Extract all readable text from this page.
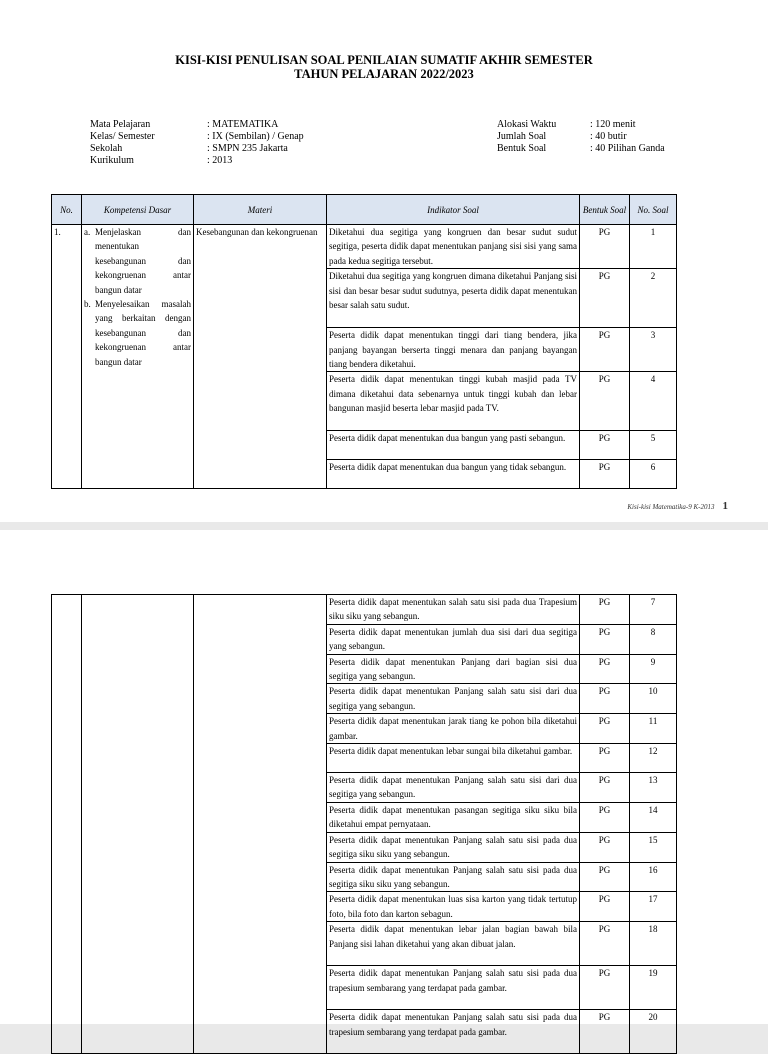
KISI-KISI PENULISAN SOAL PENILAIAN SUMATIF AKHIR SEMESTER
TAHUN PELAJARAN 2022/2023
Mata Pelajaran	: MATEMATIKA
Kelas/ Semester	: IX (Sembilan) / Genap
Sekolah	: SMPN 235 Jakarta
Kurikulum	: 2013
Alokasi Waktu	: 120 menit
Jumlah Soal	: 40 butir
Bentuk Soal	: 40 Pilihan Ganda
No.	Kompetensi Dasar	Materi	Indikator Soal	Bentuk Soal	No. Soal
1.	a. Menjelaskan dan menentukan kesebangunan dan kekongruenan antar bangun datar

b. Menyelesaikan masalah yang berkaitan dengan kesebangunan dan kekongruenan antar bangun datar	Kesebangunan dan kekongruenan	Diketahui dua segitiga yang kongruen dan besar sudut sudut segitiga, peserta didik dapat menentukan panjang sisi sisi yang sama pada kedua segitiga tersebut.	PG	1
			Diketahui dua segitiga yang kongruen dimana diketahui Panjang sisi sisi dan besar besar sudut sudutnya, peserta didik dapat menentukan besar salah satu sudut.	PG	2
			Peserta didik dapat menentukan tinggi dari tiang bendera, jika panjang bayangan berserta tinggi menara dan panjang bayangan tiang bendera diketahui.	PG	3
			Peserta didik dapat menentukan tinggi kubah masjid pada TV dimana diketahui data sebenarnya untuk tinggi kubah dan lebar bangunan masjid beserta lebar masjid pada TV.	PG	4
			Peserta didik dapat menentukan dua bangun yang pasti sebangun.	PG	5
			Peserta didik dapat menentukan dua bangun yang tidak sebangun.	PG	6
Kisi-kisi Matematika-9 K-2013 1
			Peserta didik dapat menentukan salah satu sisi pada dua Trapesium siku siku yang sebangun.	PG	7
			Peserta didik dapat menentukan jumlah dua sisi dari dua segitiga yang sebangun.	PG	8
			Peserta didik dapat menentukan Panjang dari bagian sisi dua segitiga yang sebangun.	PG	9
			Peserta didik dapat menentukan Panjang salah satu sisi dari dua segitiga yang sebangun.	PG	10
			Peserta didik dapat menentukan jarak tiang ke pohon bila diketahui gambar.	PG	11
			Peserta didik dapat menentukan lebar sungai bila diketahui gambar.	PG	12
			Peserta didik dapat menentukan Panjang salah satu sisi dari dua segitiga yang sebangun.	PG	13
			Peserta didik dapat menentukan pasangan segitiga siku siku bila diketahui empat pernyataan.	PG	14
			Peserta didik dapat menentukan Panjang salah satu sisi pada dua segitiga siku siku yang sebangun.	PG	15
			Peserta didik dapat menentukan Panjang salah satu sisi pada dua segitiga siku siku yang sebangun.	PG	16
			Peserta didik dapat menentukan luas sisa karton yang tidak tertutup foto, bila foto dan karton sebagun.	PG	17
			Peserta didik dapat menentukan lebar jalan bagian bawah bila Panjang sisi lahan diketahui yang akan dibuat jalan.	PG	18
			Peserta didik dapat menentukan Panjang salah satu sisi pada dua trapesium sembarang yang terdapat pada gambar.	PG	19
			Peserta didik dapat menentukan Panjang salah satu sisi pada dua trapesium sembarang yang terdapat pada gambar.	PG	20
